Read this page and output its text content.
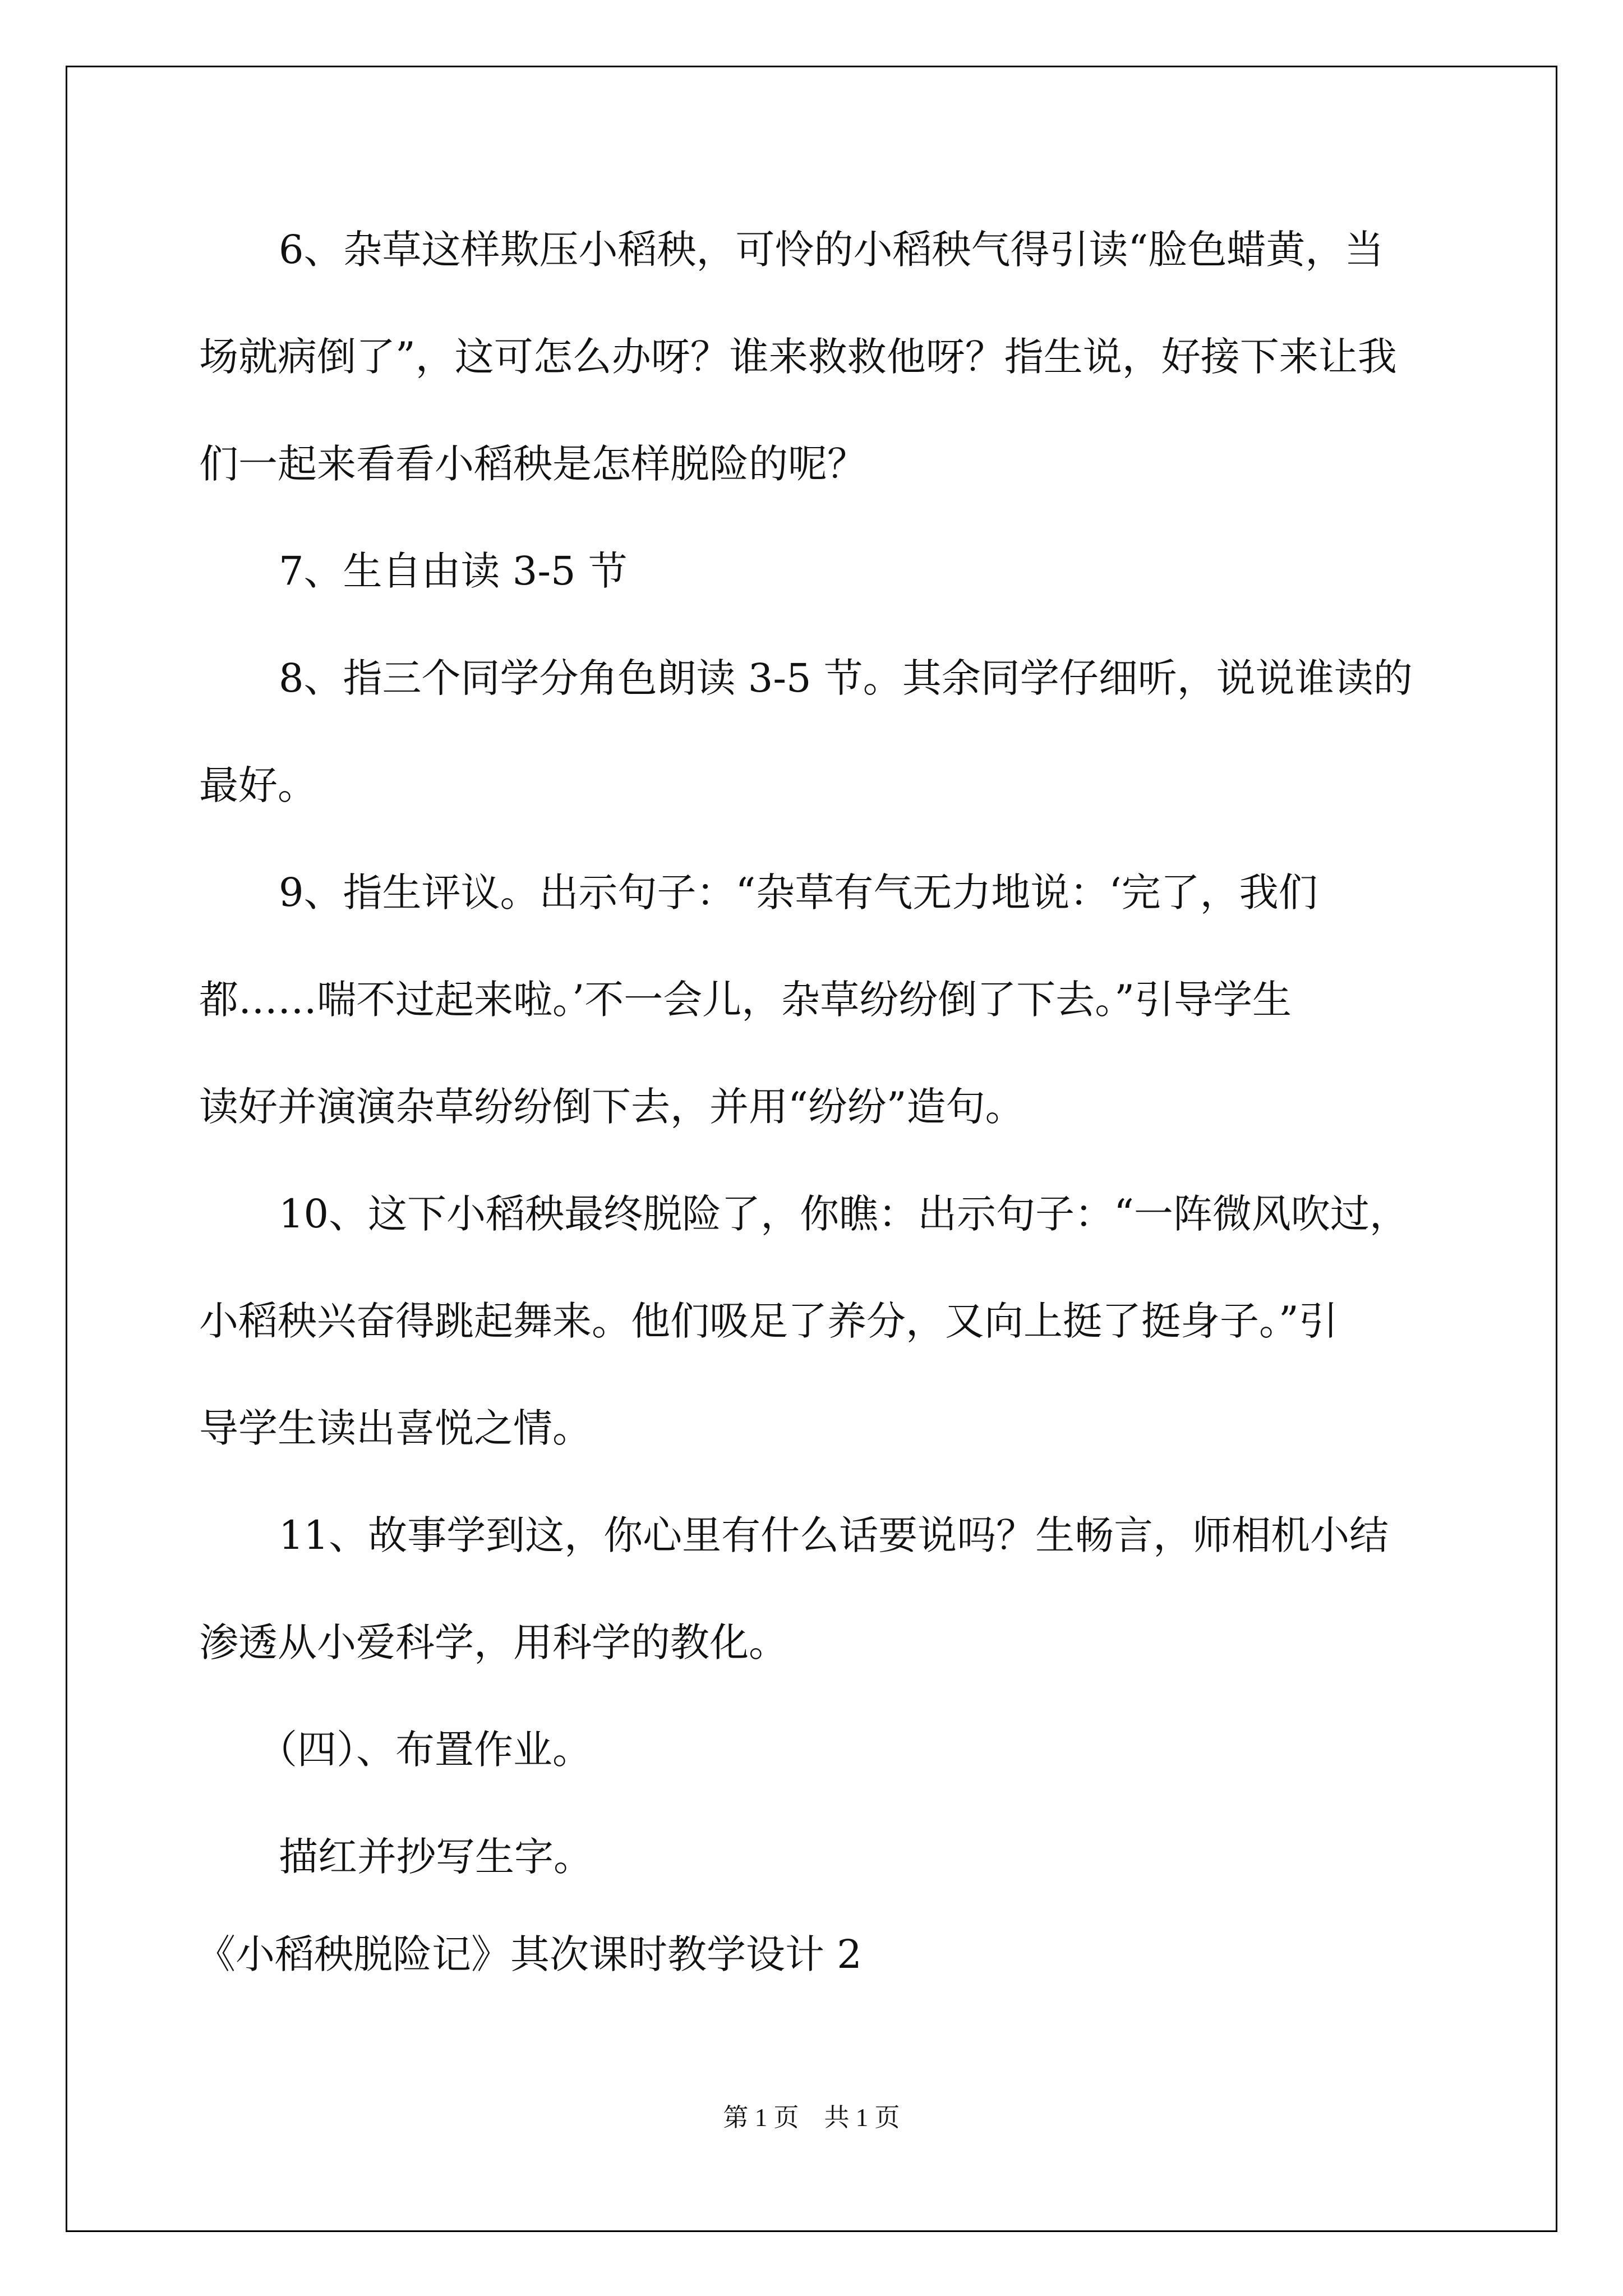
6、杂草这样欺压小稻秧，可怜的小稻秧气得引读“脸色蜡黄，当

场就病倒了”，这可怎么办呀？谁来救救他呀？指生说，好接下来让我

们一起来看看小稻秧是怎样脱险的呢？

7、生自由读 3-5 节

8、指三个同学分角色朗读 3-5 节。其余同学仔细听，说说谁读的

最好。

9、指生评议。出示句子：“杂草有气无力地说：‘完了，我们

都……喘不过起来啦。’不一会儿，杂草纷纷倒了下去。”引导学生

读好并演演杂草纷纷倒下去，并用“纷纷”造句。

10、这下小稻秧最终脱险了，你瞧：出示句子：“一阵微风吹过，

小稻秧兴奋得跳起舞来。他们吸足了养分，又向上挺了挺身子。”引

导学生读出喜悦之情。

11、故事学到这，你心里有什么话要说吗？生畅言，师相机小结

渗透从小爱科学，用科学的教化。

（四）、布置作业。

描红并抄写生字。

《小稻秧脱险记》其次课时教学设计 2

第 1 页　共 1 页
